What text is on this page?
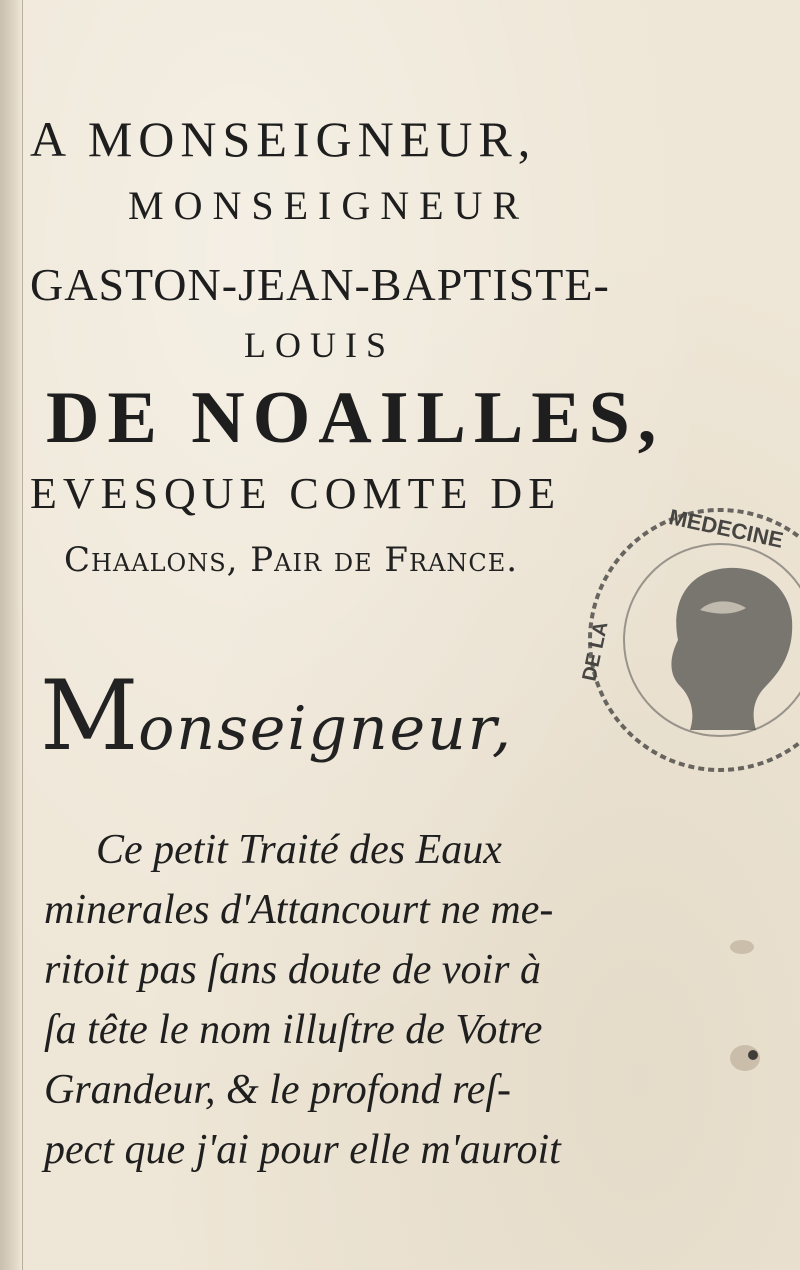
A MONSEIGNEUR,
MONSEIGNEUR
GASTON-JEAN-BAPTISTE-
LOUIS
DE NOAILLES,
EVESQUE COMTE DE
Chaalons, Pair de France.
Monseigneur,
Ce petit Traité des Eaux
minerales d'Attancourt ne me-
ritoit pas ſans doute de voir à
ſa tête le nom illuſtre de Votre
Grandeur, & le profond reſ-
pect que j'ai pour elle m'auroit
MEDECINE
DE LA
